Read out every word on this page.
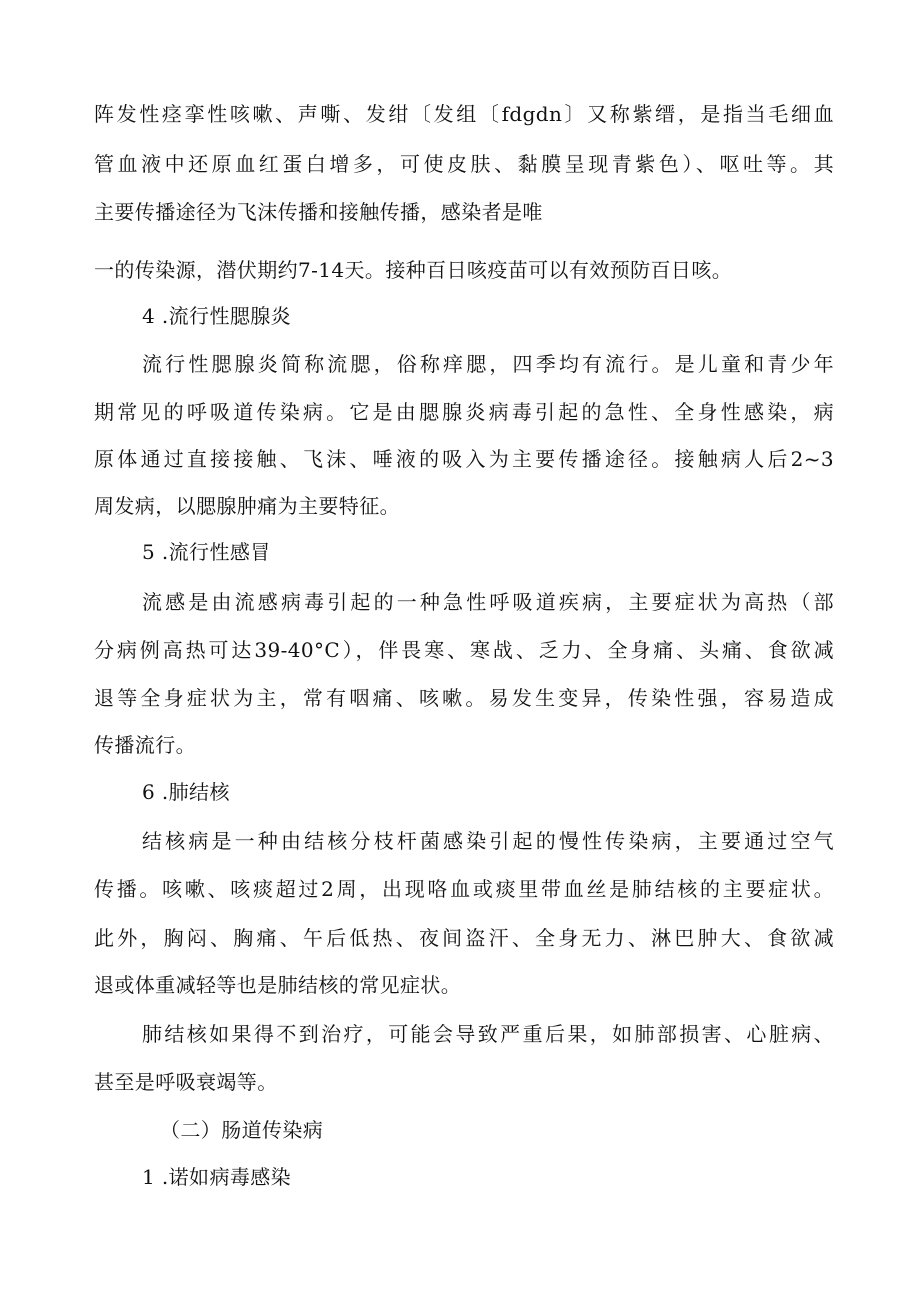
阵发性痉挛性咳嗽、声嘶、发绀〔发组〔fdgdn〕又称紫缙，是指当毛细血
管血液中还原血红蛋白增多，可使皮肤、黏膜呈现青紫色）、呕吐等。其
主要传播途径为飞沫传播和接触传播，感染者是唯
一的传染源，潜伏期约7-14天。接种百日咳疫苗可以有效预防百日咳。
4 .流行性腮腺炎
流行性腮腺炎简称流腮，俗称痒腮，四季均有流行。是儿童和青少年
期常见的呼吸道传染病。它是由腮腺炎病毒引起的急性、全身性感染，病
原体通过直接接触、飞沫、唾液的吸入为主要传播途径。接触病人后2~3
周发病，以腮腺肿痛为主要特征。
5 .流行性感冒
流感是由流感病毒引起的一种急性呼吸道疾病，主要症状为高热（部
分病例高热可达39-40°C），伴畏寒、寒战、乏力、全身痛、头痛、食欲减
退等全身症状为主，常有咽痛、咳嗽。易发生变异，传染性强，容易造成
传播流行。
6 .肺结核
结核病是一种由结核分枝杆菌感染引起的慢性传染病，主要通过空气
传播。咳嗽、咳痰超过2周，出现咯血或痰里带血丝是肺结核的主要症状。
此外，胸闷、胸痛、午后低热、夜间盗汗、全身无力、淋巴肿大、食欲减
退或体重减轻等也是肺结核的常见症状。
肺结核如果得不到治疗，可能会导致严重后果，如肺部损害、心脏病、
甚至是呼吸衰竭等。
（二）肠道传染病
1 .诺如病毒感染
